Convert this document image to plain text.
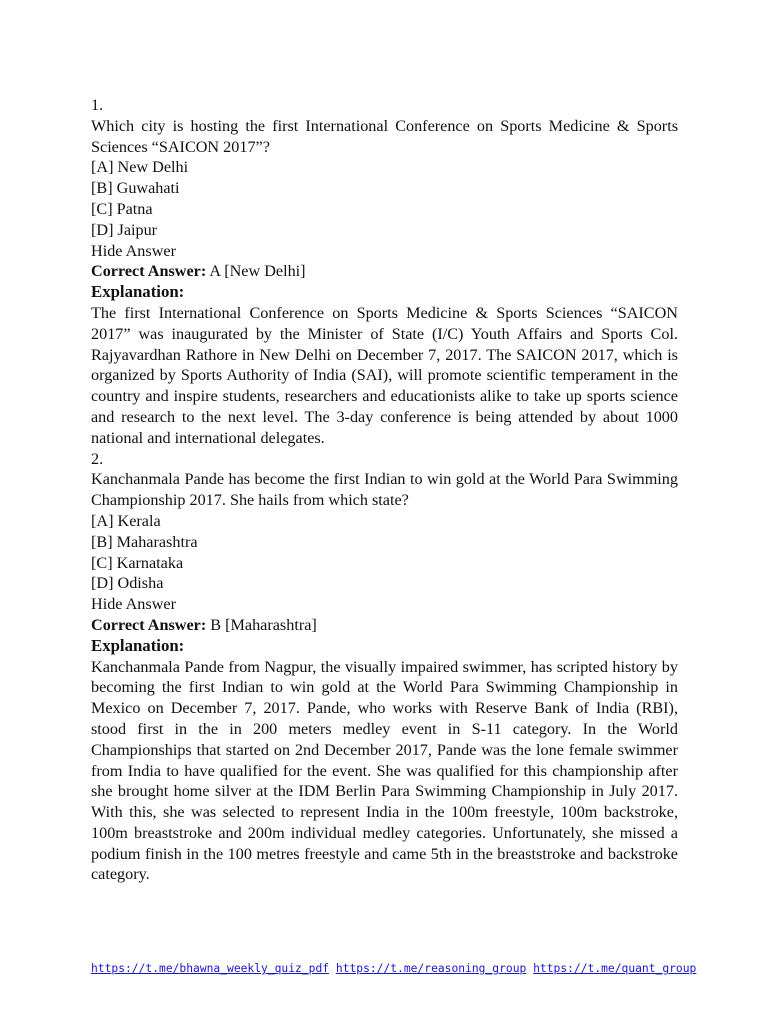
1.
Which city is hosting the first International Conference on Sports Medicine & Sports Sciences “SAICON 2017”?
[A] New Delhi
[B] Guwahati
[C] Patna
[D] Jaipur
Hide Answer
Correct Answer: A [New Delhi]
Explanation:
The first International Conference on Sports Medicine & Sports Sciences “SAICON 2017” was inaugurated by the Minister of State (I/C) Youth Affairs and Sports Col. Rajyavardhan Rathore in New Delhi on December 7, 2017. The SAICON 2017, which is organized by Sports Authority of India (SAI), will promote scientific temperament in the country and inspire students, researchers and educationists alike to take up sports science and research to the next level. The 3-day conference is being attended by about 1000 national and international delegates.
2.
Kanchanmala Pande has become the first Indian to win gold at the World Para Swimming Championship 2017. She hails from which state?
[A] Kerala
[B] Maharashtra
[C] Karnataka
[D] Odisha
Hide Answer
Correct Answer: B [Maharashtra]
Explanation:
Kanchanmala Pande from Nagpur, the visually impaired swimmer, has scripted history by becoming the first Indian to win gold at the World Para Swimming Championship in Mexico on December 7, 2017. Pande, who works with Reserve Bank of India (RBI), stood first in the in 200 meters medley event in S-11 category. In the World Championships that started on 2nd December 2017, Pande was the lone female swimmer from India to have qualified for the event. She was qualified for this championship after she brought home silver at the IDM Berlin Para Swimming Championship in July 2017. With this, she was selected to represent India in the 100m freestyle, 100m backstroke, 100m breaststroke and 200m individual medley categories. Unfortunately, she missed a podium finish in the 100 metres freestyle and came 5th in the breaststroke and backstroke category.
https://t.me/bhawna_weekly_quiz_pdf https://t.me/reasoning_group https://t.me/quant_group
